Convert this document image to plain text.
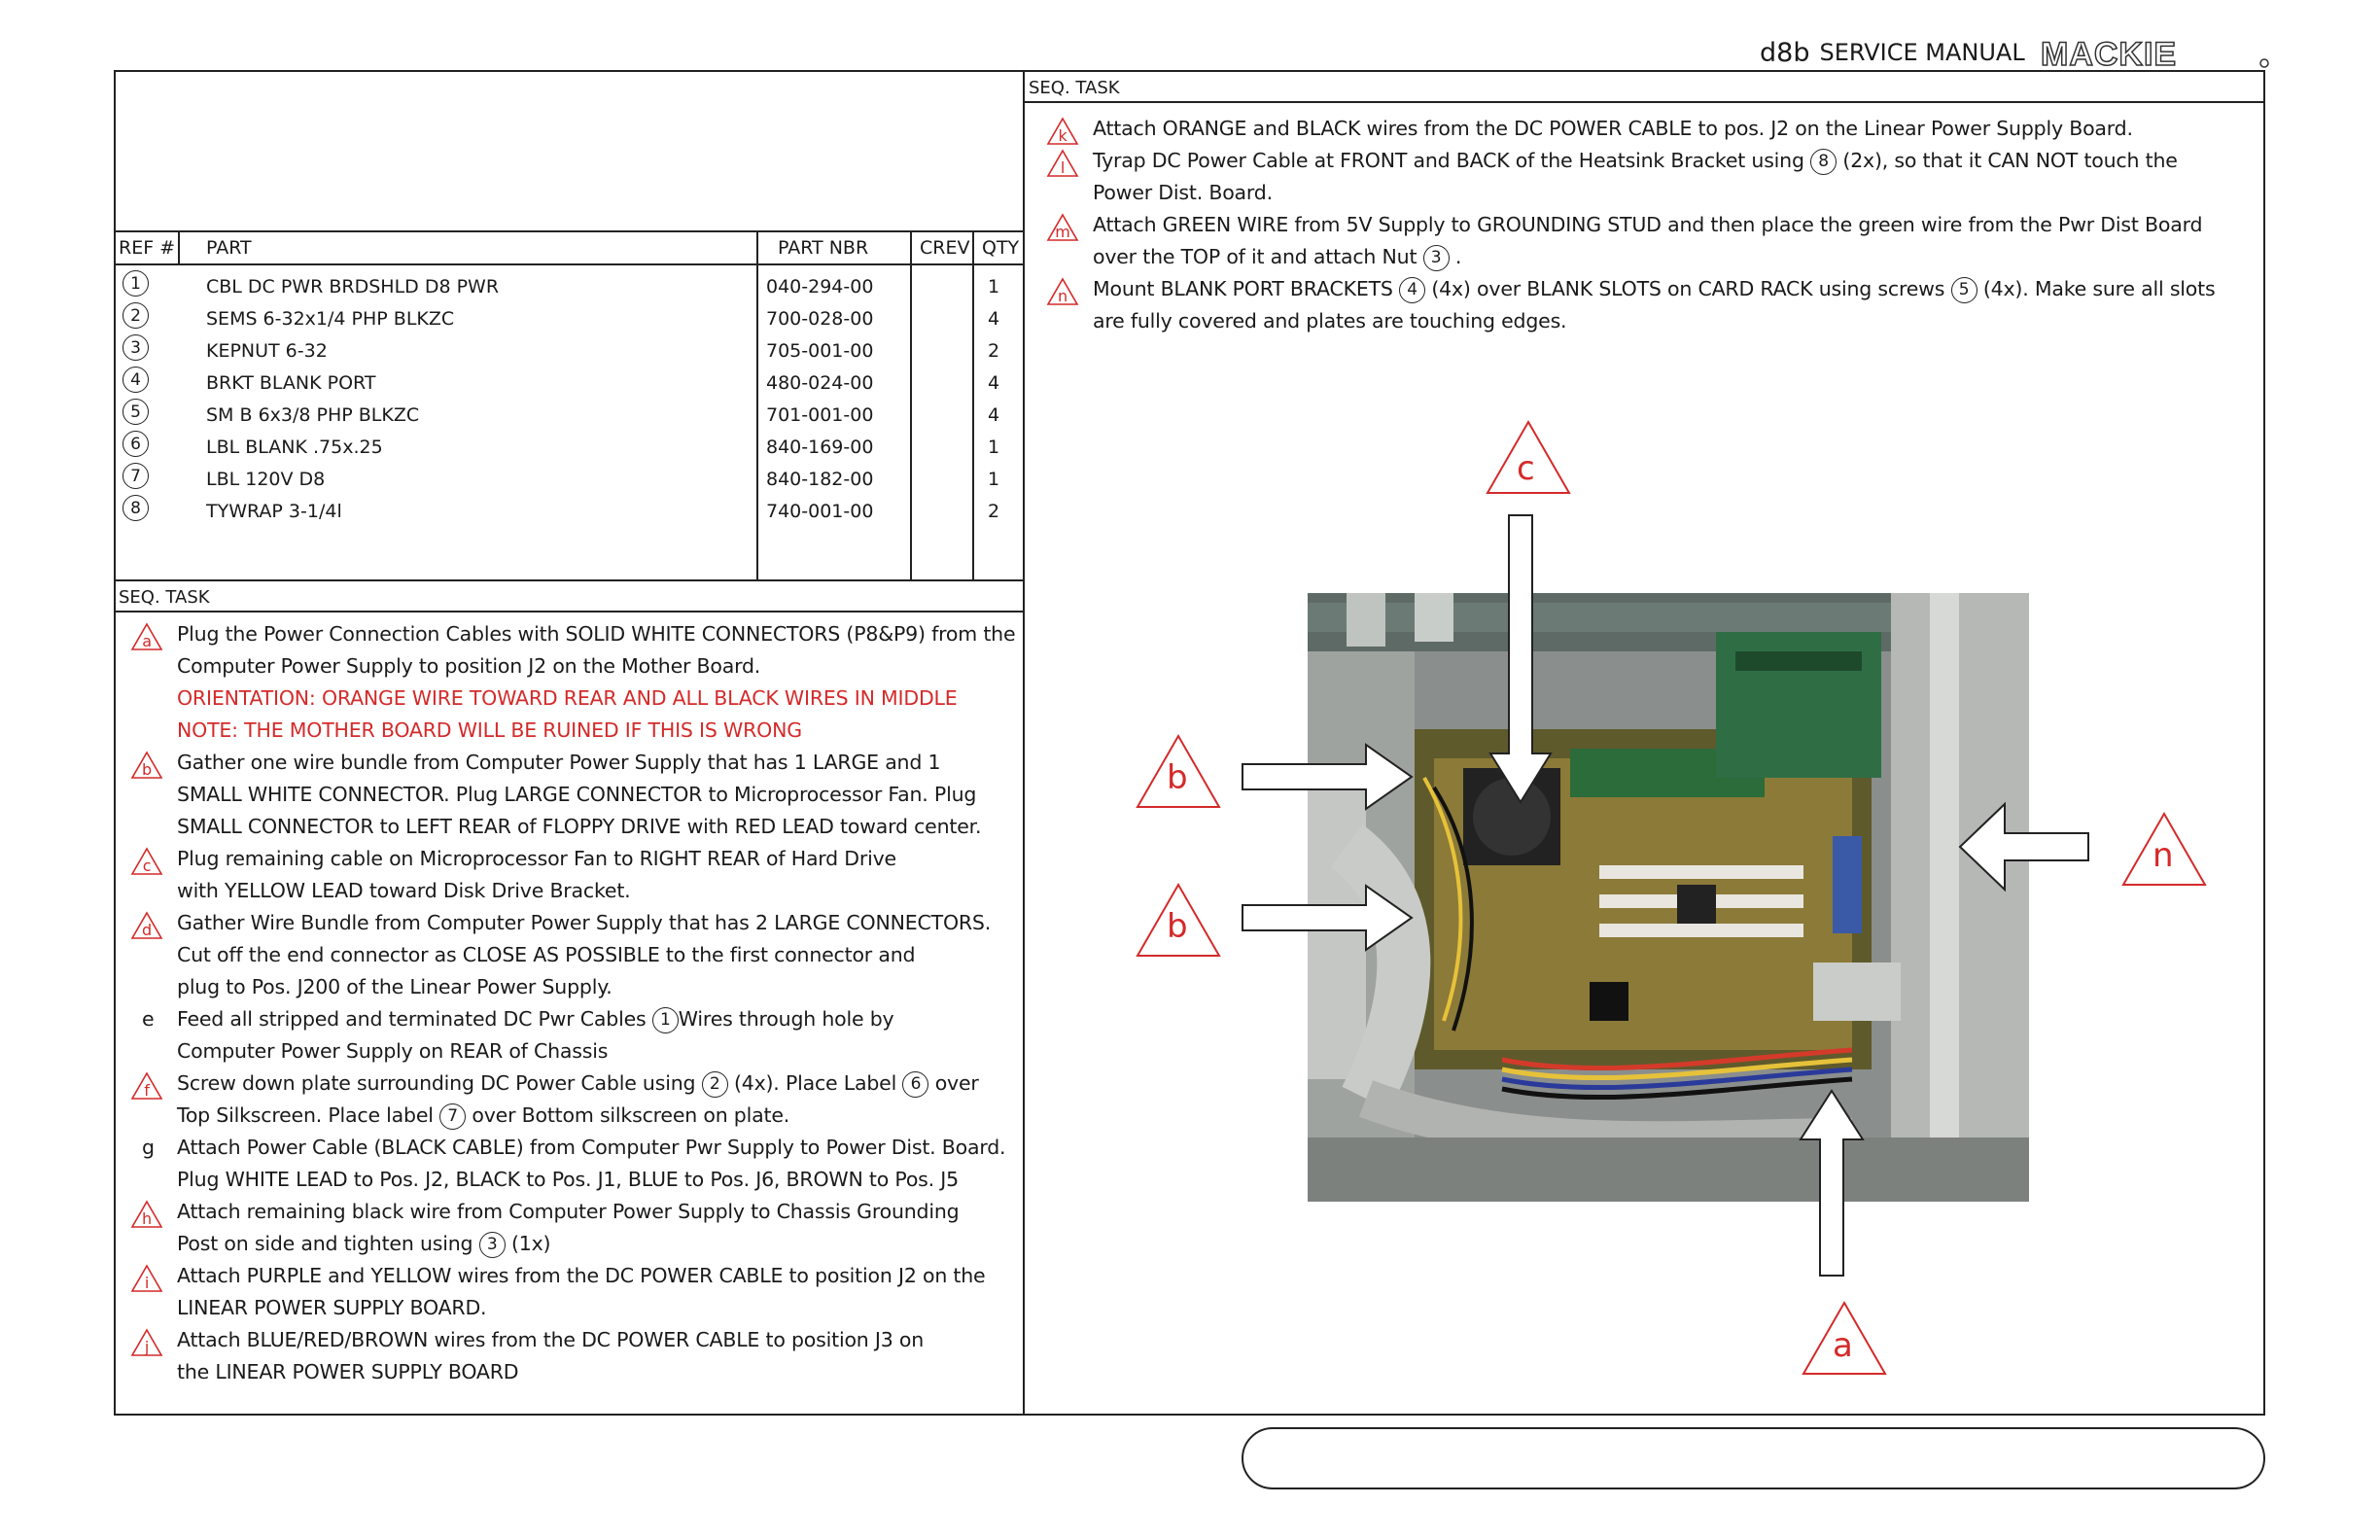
d8b SERVICE MANUAL MACKIE
REF # PART	PART NBR	CREV QTY
1	CBL DC PWR BRDSHLD D8 PWR	040-294-00	1
2	SEMS 6-32x1/4 PHP BLKZC	700-028-00	4
3	KEPNUT 6-32	705-001-00	2
4	BRKT BLANK PORT	480-024-00	4
5	SM B 6x3/8 PHP BLKZC	701-001-00	4
6	LBL BLANK .75x.25	840-169-00	1
7	LBL 120V D8	840-182-00	1
8	TYWRAP 3-1/4l	740-001-00	2
SEQ. TASK
SEQ. TASK
a Plug the Power Connection Cables with SOLID WHITE CONNECTORS (P8&P9) from the
Computer Power Supply to position J2 on the Mother Board.
ORIENTATION: ORANGE WIRE TOWARD REAR AND ALL BLACK WIRES IN MIDDLE
NOTE: THE MOTHER BOARD WILL BE RUINED IF THIS IS WRONG
b Gather one wire bundle from Computer Power Supply that has 1 LARGE and 1
SMALL WHITE CONNECTOR. Plug LARGE CONNECTOR to Microprocessor Fan. Plug
SMALL CONNECTOR to LEFT REAR of FLOPPY DRIVE with RED LEAD toward center.
c Plug remaining cable on Microprocessor Fan to RIGHT REAR of Hard Drive
with YELLOW LEAD toward Disk Drive Bracket.
d Gather Wire Bundle from Computer Power Supply that has 2 LARGE CONNECTORS.
Cut off the end connector as CLOSE AS POSSIBLE to the first connector and
plug to Pos. J200 of the Linear Power Supply.
e Feed all stripped and terminated DC Pwr Cables 1 Wires through hole by
Computer Power Supply on REAR of Chassis
f Screw down plate surrounding DC Power Cable using 2 (4x). Place Label 6 over
Top Silkscreen. Place label 7 over Bottom silkscreen on plate.
g Attach Power Cable (BLACK CABLE) from Computer Pwr Supply to Power Dist. Board.
Plug WHITE LEAD to Pos. J2, BLACK to Pos. J1, BLUE to Pos. J6, BROWN to Pos. J5
h Attach remaining black wire from Computer Power Supply to Chassis Grounding
Post on side and tighten using 3 (1x)
i Attach PURPLE and YELLOW wires from the DC POWER CABLE to position J2 on the
LINEAR POWER SUPPLY BOARD.
j Attach BLUE/RED/BROWN wires from the DC POWER CABLE to position J3 on
the LINEAR POWER SUPPLY BOARD
k Attach ORANGE and BLACK wires from the DC POWER CABLE to pos. J2 on the Linear Power Supply Board.
l Tyrap DC Power Cable at FRONT and BACK of the Heatsink Bracket using 8 (2x), so that it CAN NOT touch the
Power Dist. Board.
m Attach GREEN WIRE from 5V Supply to GROUNDING STUD and then place the green wire from the Pwr Dist Board
over the TOP of it and attach Nut 3 .
n Mount BLANK PORT BRACKETS 4 (4x) over BLANK SLOTS on CARD RACK using screws 5 (4x). Make sure all slots
are fully covered and plates are touching edges.
c
a
b
b
n
